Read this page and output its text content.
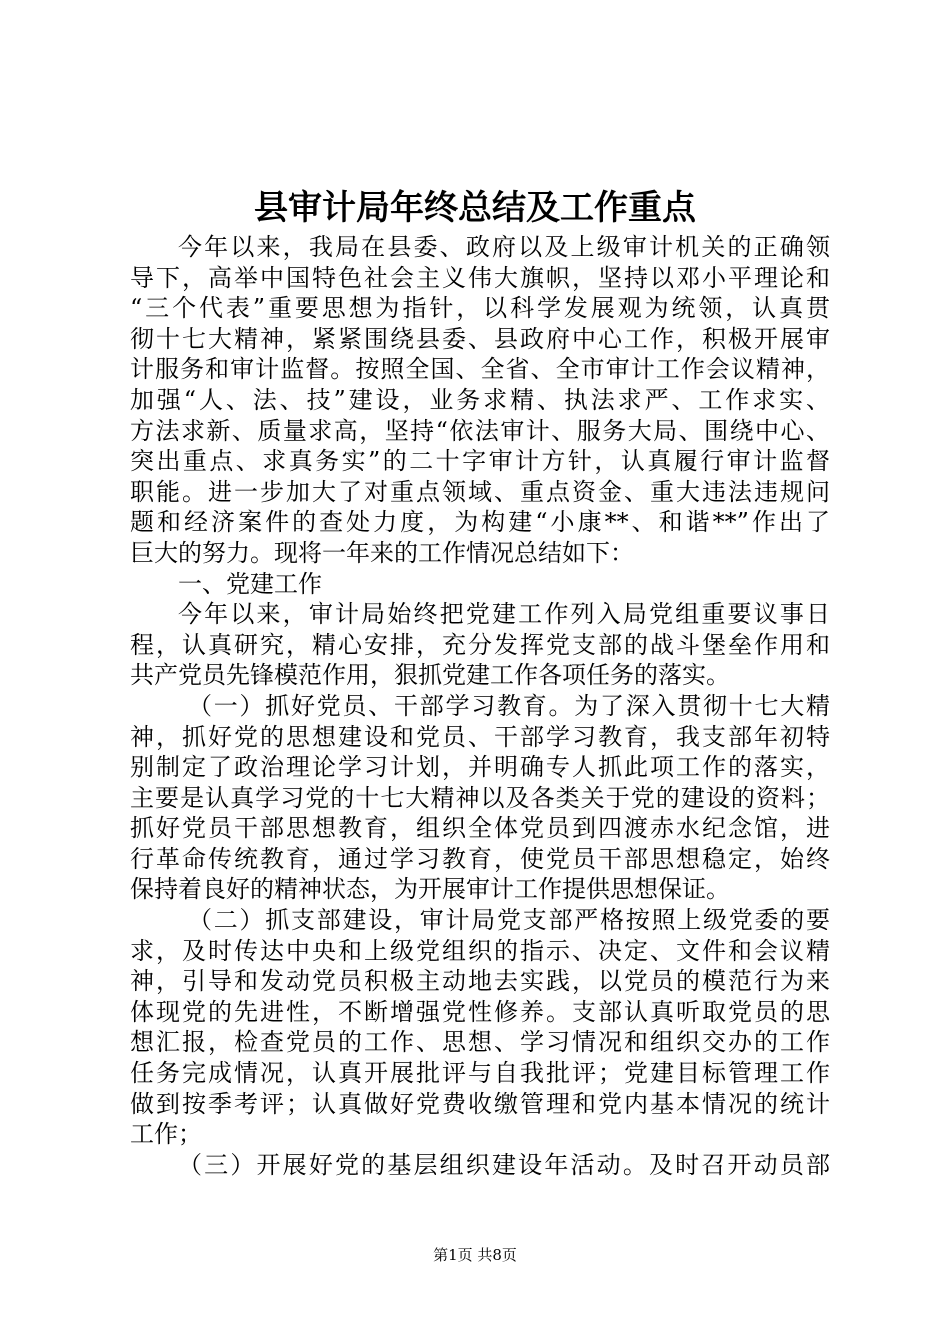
县审计局年终总结及工作重点
今年以来，我局在县委、政府以及上级审计机关的正确领
导下，高举中国特色社会主义伟大旗帜，坚持以邓小平理论和
“三个代表”重要思想为指针，以科学发展观为统领，认真贯
彻十七大精神，紧紧围绕县委、县政府中心工作，积极开展审
计服务和审计监督。按照全国、全省、全市审计工作会议精神，
加强“人、法、技”建设，业务求精、执法求严、工作求实、
方法求新、质量求高，坚持“依法审计、服务大局、围绕中心、
突出重点、求真务实”的二十字审计方针，认真履行审计监督
职能。进一步加大了对重点领域、重点资金、重大违法违规问
题和经济案件的查处力度，为构建“小康**、和谐**”作出了
巨大的努力。现将一年来的工作情况总结如下：
一、党建工作
今年以来，审计局始终把党建工作列入局党组重要议事日
程，认真研究，精心安排，充分发挥党支部的战斗堡垒作用和
共产党员先锋模范作用，狠抓党建工作各项任务的落实。
（一）抓好党员、干部学习教育。为了深入贯彻十七大精
神，抓好党的思想建设和党员、干部学习教育，我支部年初特
别制定了政治理论学习计划，并明确专人抓此项工作的落实，
主要是认真学习党的十七大精神以及各类关于党的建设的资料；
抓好党员干部思想教育，组织全体党员到四渡赤水纪念馆，进
行革命传统教育，通过学习教育，使党员干部思想稳定，始终
保持着良好的精神状态，为开展审计工作提供思想保证。
（二）抓支部建设，审计局党支部严格按照上级党委的要
求，及时传达中央和上级党组织的指示、决定、文件和会议精
神，引导和发动党员积极主动地去实践，以党员的模范行为来
体现党的先进性，不断增强党性修养。支部认真听取党员的思
想汇报，检查党员的工作、思想、学习情况和组织交办的工作
任务完成情况，认真开展批评与自我批评；党建目标管理工作
做到按季考评；认真做好党费收缴管理和党内基本情况的统计
工作；
（三）开展好党的基层组织建设年活动。及时召开动员部
第1页 共8页
